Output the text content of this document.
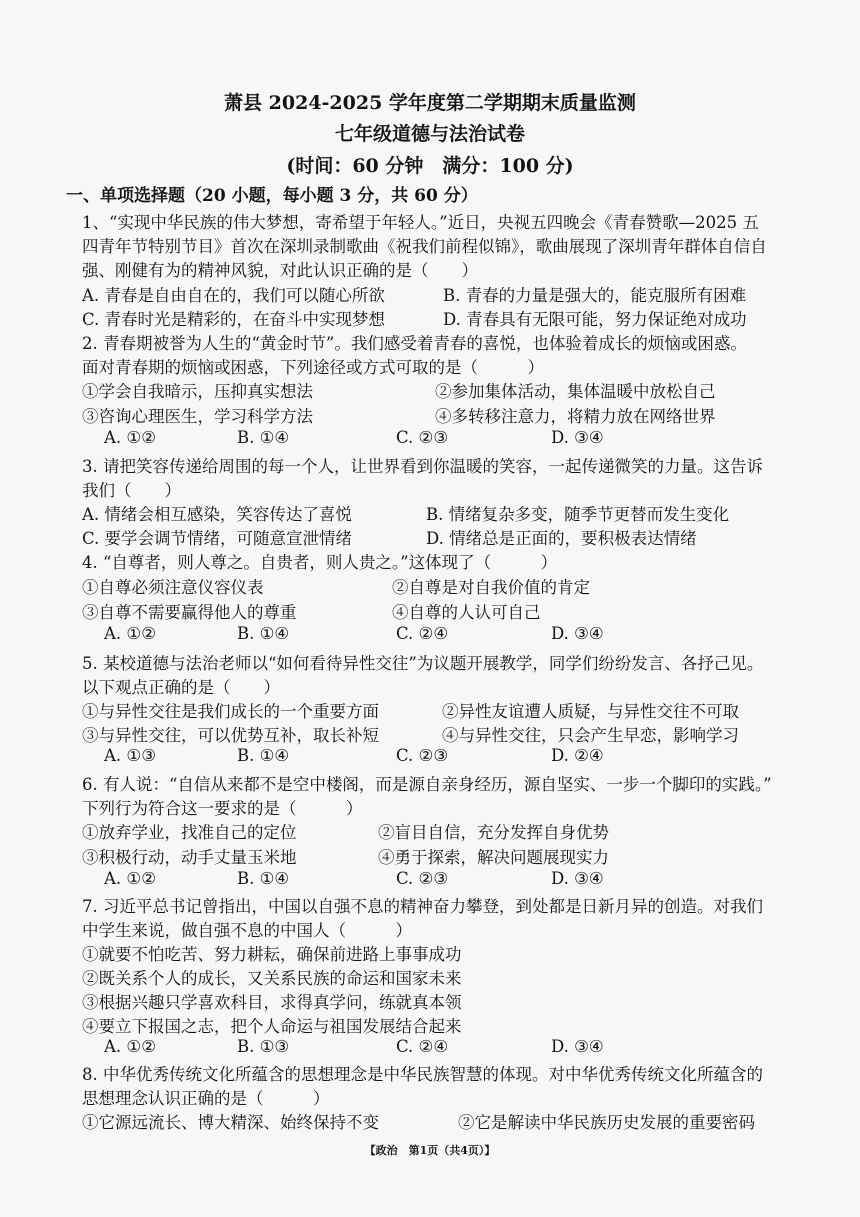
萧县 2024-2025 学年度第二学期期末质量监测
七年级道德与法治试卷
(时间：60 分钟　满分：100 分)
一、单项选择题（20 小题，每小题 3 分，共 60 分）
1、“实现中华民族的伟大梦想，寄希望于年轻人。”近日，央视五四晚会《青春赞歌—2025 五
四青年节特别节目》首次在深圳录制歌曲《祝我们前程似锦》，歌曲展现了深圳青年群体自信自
强、刚健有为的精神风貌，对此认识正确的是（　　）
A. 青春是自由自在的，我们可以随心所欲	B. 青春的力量是强大的，能克服所有困难
C. 青春时光是精彩的，在奋斗中实现梦想	D. 青春具有无限可能，努力保证绝对成功
2. 青春期被誉为人生的“黄金时节”。我们感受着青春的喜悦，也体验着成长的烦恼或困惑。
面对青春期的烦恼或困惑，下列途径或方式可取的是（　　　）
①学会自我暗示，压抑真实想法	②参加集体活动，集体温暖中放松自己
③咨询心理医生，学习科学方法	④多转移注意力，将精力放在网络世界
A. ①②	B. ①④	C. ②③	D. ③④
3. 请把笑容传递给周围的每一个人，让世界看到你温暖的笑容，一起传递微笑的力量。这告诉
我们（　　）
A. 情绪会相互感染，笑容传达了喜悦	B. 情绪复杂多变，随季节更替而发生变化
C. 要学会调节情绪，可随意宣泄情绪	D. 情绪总是正面的，要积极表达情绪
4. “自尊者，则人尊之。自贵者，则人贵之。”这体现了（　　　）
①自尊必须注意仪容仪表	②自尊是对自我价值的肯定
③自尊不需要赢得他人的尊重	④自尊的人认可自己
A. ①②	B. ①④	C. ②④	D. ③④
5. 某校道德与法治老师以“如何看待异性交往”为议题开展教学，同学们纷纷发言、各抒己见。
以下观点正确的是（　　）
①与异性交往是我们成长的一个重要方面	②异性友谊遭人质疑，与异性交往不可取
③与异性交往，可以优势互补，取长补短	④与异性交往，只会产生早恋，影响学习
A. ①③	B. ①④	C. ②③	D. ②④
6. 有人说：“自信从来都不是空中楼阁，而是源自亲身经历，源自坚实、一步一个脚印的实践。”
下列行为符合这一要求的是（　　　）
①放弃学业，找准自己的定位	②盲目自信，充分发挥自身优势
③积极行动，动手丈量玉米地	④勇于探索，解决问题展现实力
A. ①②	B. ①④	C. ②③	D. ③④
7. 习近平总书记曾指出，中国以自强不息的精神奋力攀登，到处都是日新月异的创造。对我们
中学生来说，做自强不息的中国人（　　　）
①就要不怕吃苦、努力耕耘，确保前进路上事事成功
②既关系个人的成长，又关系民族的命运和国家未来
③根据兴趣只学喜欢科目，求得真学问，练就真本领
④要立下报国之志，把个人命运与祖国发展结合起来
A. ①②	B. ①③	C. ②④	D. ③④
8. 中华优秀传统文化所蕴含的思想理念是中华民族智慧的体现。对中华优秀传统文化所蕴含的
思想理念认识正确的是（　　　）
①它源远流长、博大精深、始终保持不变	②它是解读中华民族历史发展的重要密码
【政治　第1页（共4页）】
